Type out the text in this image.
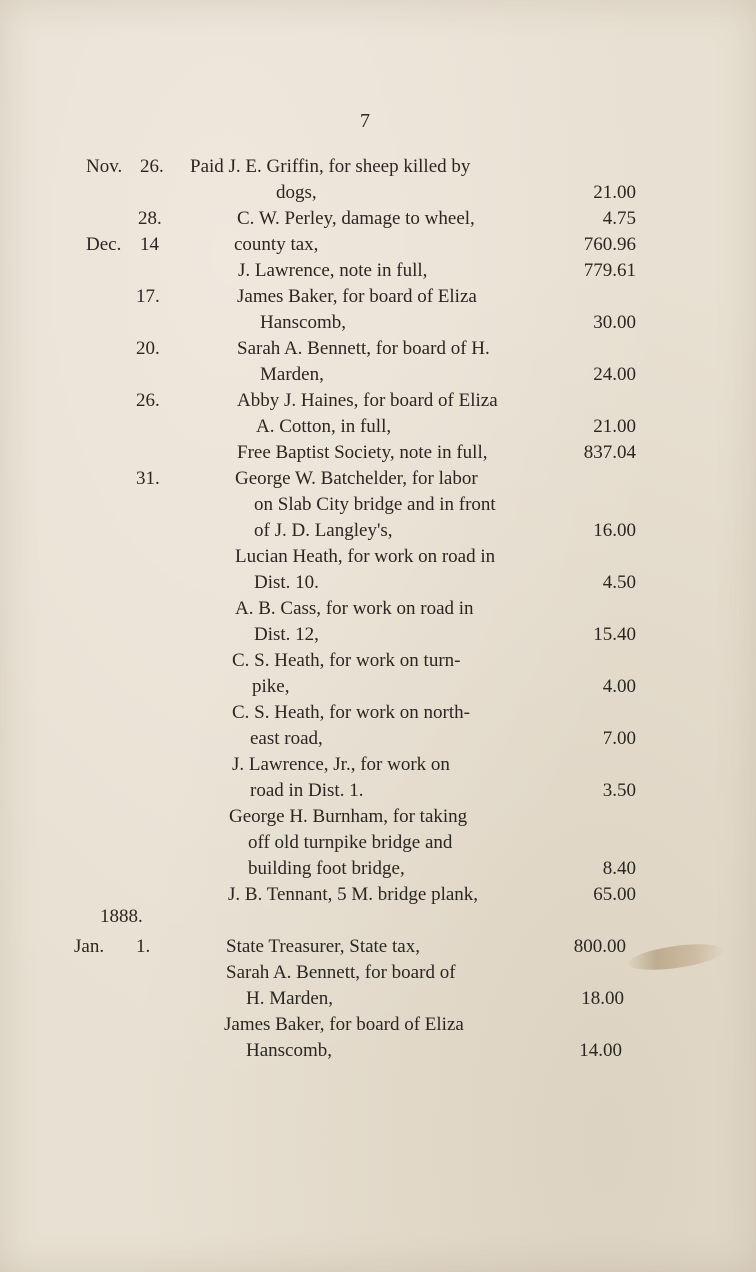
7
Nov. 26. Paid J. E. Griffin, for sheep killed by
dogs,	21.00
28.	C. W. Perley, damage to wheel,	4.75
Dec. 14	county tax,	760.96
J. Lawrence, note in full,	779.61
17.	James Baker, for board of Eliza
Hanscomb,	30.00
20.	Sarah A. Bennett, for board of H.
Marden,	24.00
26.	Abby J. Haines, for board of Eliza
A. Cotton, in full,	21.00
Free Baptist Society, note in full,	837.04
31.	George W. Batchelder, for labor
on Slab City bridge and in front
of J. D. Langley's,	16.00
Lucian Heath, for work on road in
Dist. 10.	4.50
A. B. Cass, for work on road in
Dist. 12,	15.40
C. S. Heath, for work on turn-
pike,	4.00
C. S. Heath, for work on north-
east road,	7.00
J. Lawrence, Jr., for work on
road in Dist. 1.	3.50
George H. Burnham, for taking
off old turnpike bridge and
building foot bridge,	8.40
J. B. Tennant, 5 M. bridge plank,	65.00
1888.
Jan. 1.	State Treasurer, State tax,	800.00
Sarah A. Bennett, for board of
H. Marden,	18.00
James Baker, for board of Eliza
Hanscomb,	14.00
